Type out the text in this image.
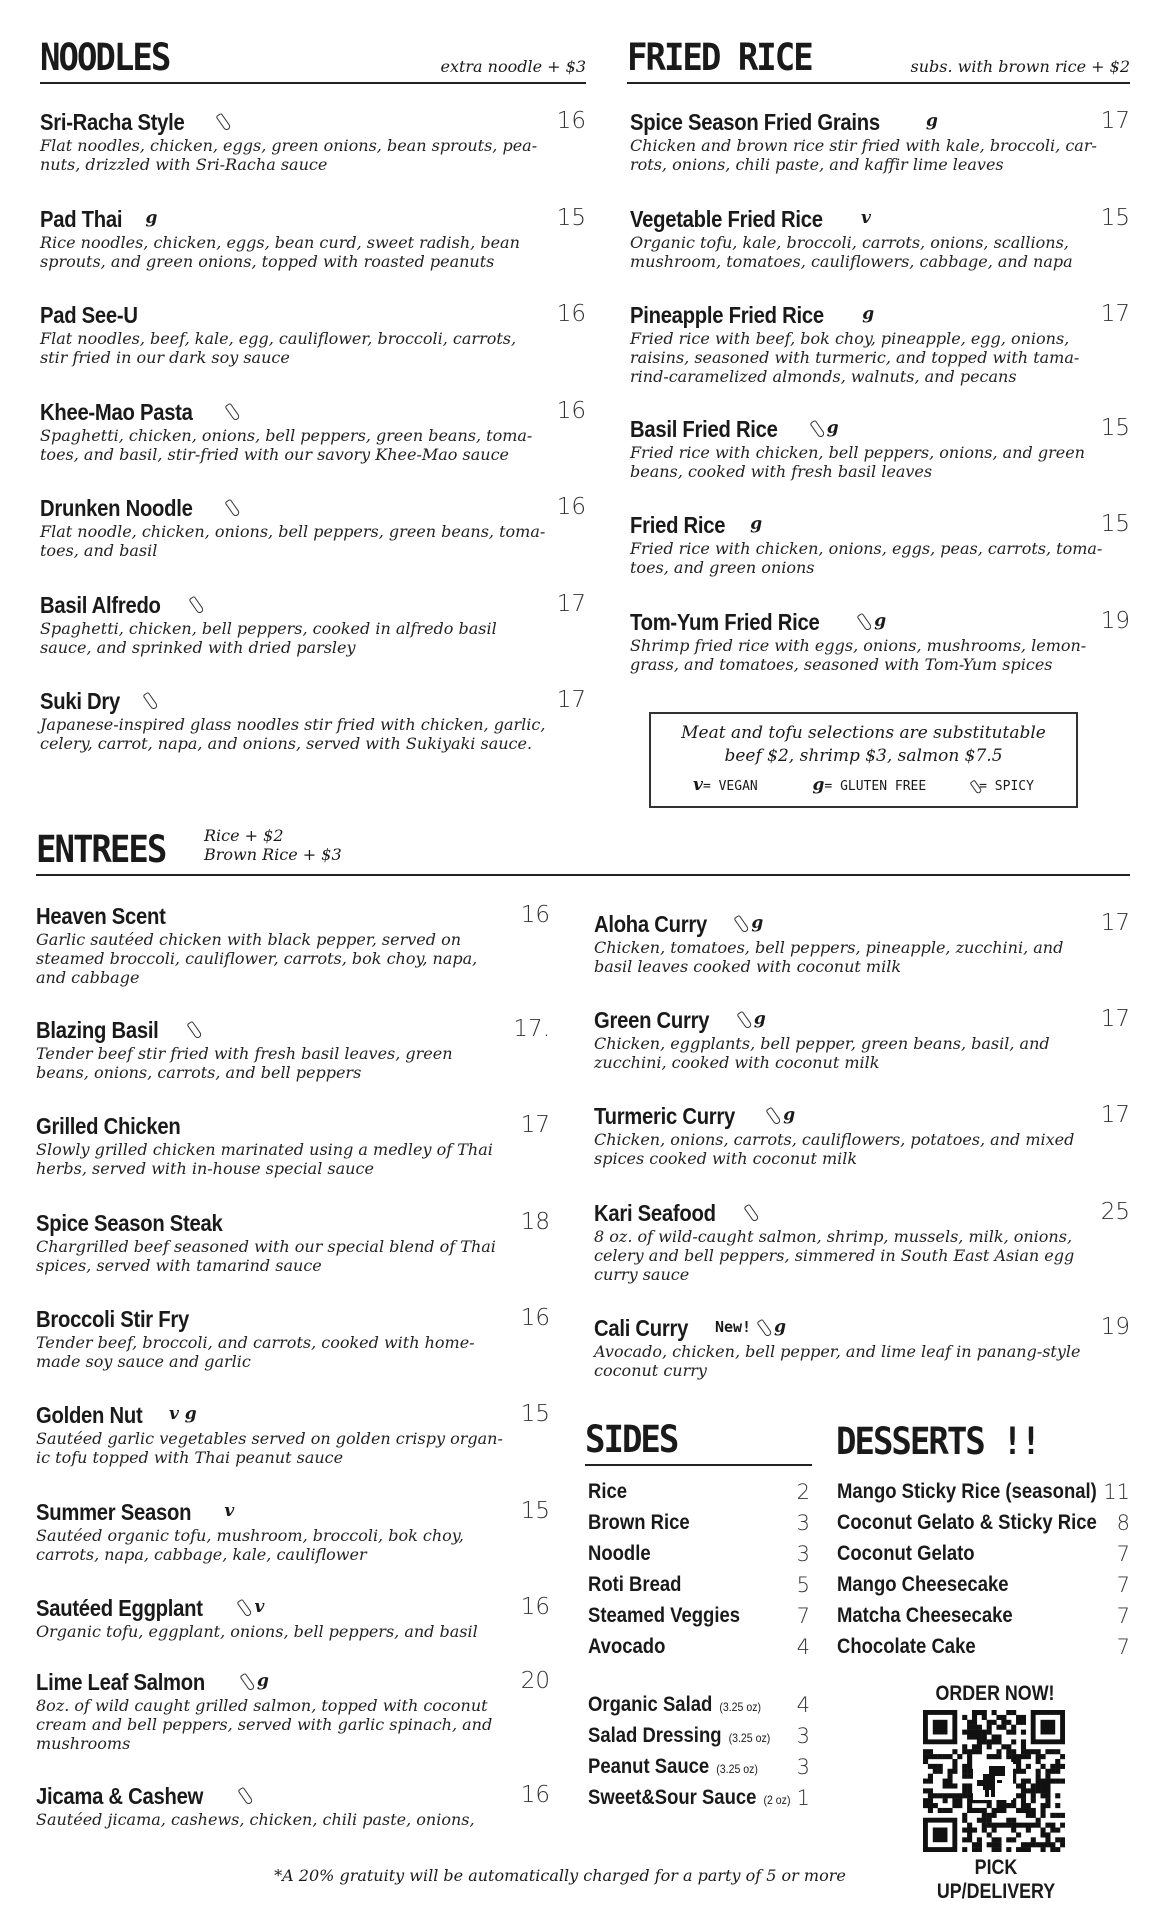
NOODLES	extra noodle + $3 FRIED RICE	subs. with brown rice + $2
Meat and tofu selections are substitutable
beef $2, shrimp $3, salmon $7.5
v= VEGAN	g= GLUTEN FREE	= SPICY
ENTREES Rice + $2
Brown Rice + $3
SIDES	DESSERTS !!
ORDER NOW!
PICK UP/DELIVERY
*A 20% gratuity will be automatically charged for a party of 5 or more
Sri-Racha Style	16
Flat noodles, chicken, eggs, green onions, bean sprouts, pea-
nuts, drizzled with Sri-Racha sauce
Pad Thai g	15
Rice noodles, chicken, eggs, bean curd, sweet radish, bean
sprouts, and green onions, topped with roasted peanuts
Pad See-U	16
Flat noodles, beef, kale, egg, cauliflower, broccoli, carrots,
stir fried in our dark soy sauce
Khee-Mao Pasta	16
Spaghetti, chicken, onions, bell peppers, green beans, toma-
toes, and basil, stir-fried with our savory Khee-Mao sauce
Drunken Noodle	16
Flat noodle, chicken, onions, bell peppers, green beans, toma-
toes, and basil
Basil Alfredo	17
Spaghetti, chicken, bell peppers, cooked in alfredo basil
sauce, and sprinked with dried parsley
Suki Dry	17
Japanese-inspired glass noodles stir fried with chicken, garlic,
celery, carrot, napa, and onions, served with Sukiyaki sauce.
Spice Season Fried Grains	g	17
Chicken and brown rice stir fried with kale, broccoli, car-
rots, onions, chili paste, and kaffir lime leaves
Vegetable Fried Rice v	15
Organic tofu, kale, broccoli, carrots, onions, scallions,
mushroom, tomatoes, cauliflowers, cabbage, and napa
Pineapple Fried Rice g	17
Fried rice with beef, bok choy, pineapple, egg, onions,
raisins, seasoned with turmeric, and topped with tama-
rind-caramelized almonds, walnuts, and pecans
Basil Fried Rice	g	15
Fried rice with chicken, bell peppers, onions, and green
beans, cooked with fresh basil leaves
Fried Rice g	15
Fried rice with chicken, onions, eggs, peas, carrots, toma-
toes, and green onions
Tom-Yum Fried Rice	g	19
Shrimp fried rice with eggs, onions, mushrooms, lemon-
grass, and tomatoes, seasoned with Tom-Yum spices
Heaven Scent	16
Garlic sautéed chicken with black pepper, served on
steamed broccoli, cauliflower, carrots, bok choy, napa,
and cabbage
Blazing Basil	17.
Tender beef stir fried with fresh basil leaves, green
beans, onions, carrots, and bell peppers
Grilled Chicken	17
Slowly grilled chicken marinated using a medley of Thai
herbs, served with in-house special sauce
Spice Season Steak	18
Chargrilled beef seasoned with our special blend of Thai
spices, served with tamarind sauce
Broccoli Stir Fry	16
Tender beef, broccoli, and carrots, cooked with home-
made soy sauce and garlic
Golden Nut v g	15
Sautéed garlic vegetables served on golden crispy organ-
ic tofu topped with Thai peanut sauce
Summer Season v	15
Sautéed organic tofu, mushroom, broccoli, bok choy,
carrots, napa, cabbage, kale, cauliflower
Sautéed Eggplant	v	16
Organic tofu, eggplant, onions, bell peppers, and basil
Lime Leaf Salmon	g	20
8oz. of wild caught grilled salmon, topped with coconut
cream and bell peppers, served with garlic spinach, and
mushrooms
Jicama & Cashew	16
Sautéed jicama, cashews, chicken, chili paste, onions,
Aloha Curry	g	17
Chicken, tomatoes, bell peppers, pineapple, zucchini, and
basil leaves cooked with coconut milk
Green Curry	g	17
Chicken, eggplants, bell pepper, green beans, basil, and
zucchini, cooked with coconut milk
Turmeric Curry	g	17
Chicken, onions, carrots, cauliflowers, potatoes, and mixed
spices cooked with coconut milk
Kari Seafood	25
8 oz. of wild-caught salmon, shrimp, mussels, milk, onions,
celery and bell peppers, simmered in South East Asian egg
curry sauce
Cali Curry New! g	19
Avocado, chicken, bell pepper, and lime leaf in panang-style
coconut curry
Rice	2
Brown Rice	3
Noodle	3
Roti Bread	5
Steamed Veggies	7
Avocado	4
Organic Salad (3.25 oz) 4
Salad Dressing (3.25 oz) 3
Peanut Sauce (3.25 oz) 3
Sweet&Sour Sauce (2 oz) 1
Mango Sticky Rice (seasonal) 11
Coconut Gelato & Sticky Rice 8
Coconut Gelato	7
Mango Cheesecake	7
Matcha Cheesecake	7
Chocolate Cake	7
